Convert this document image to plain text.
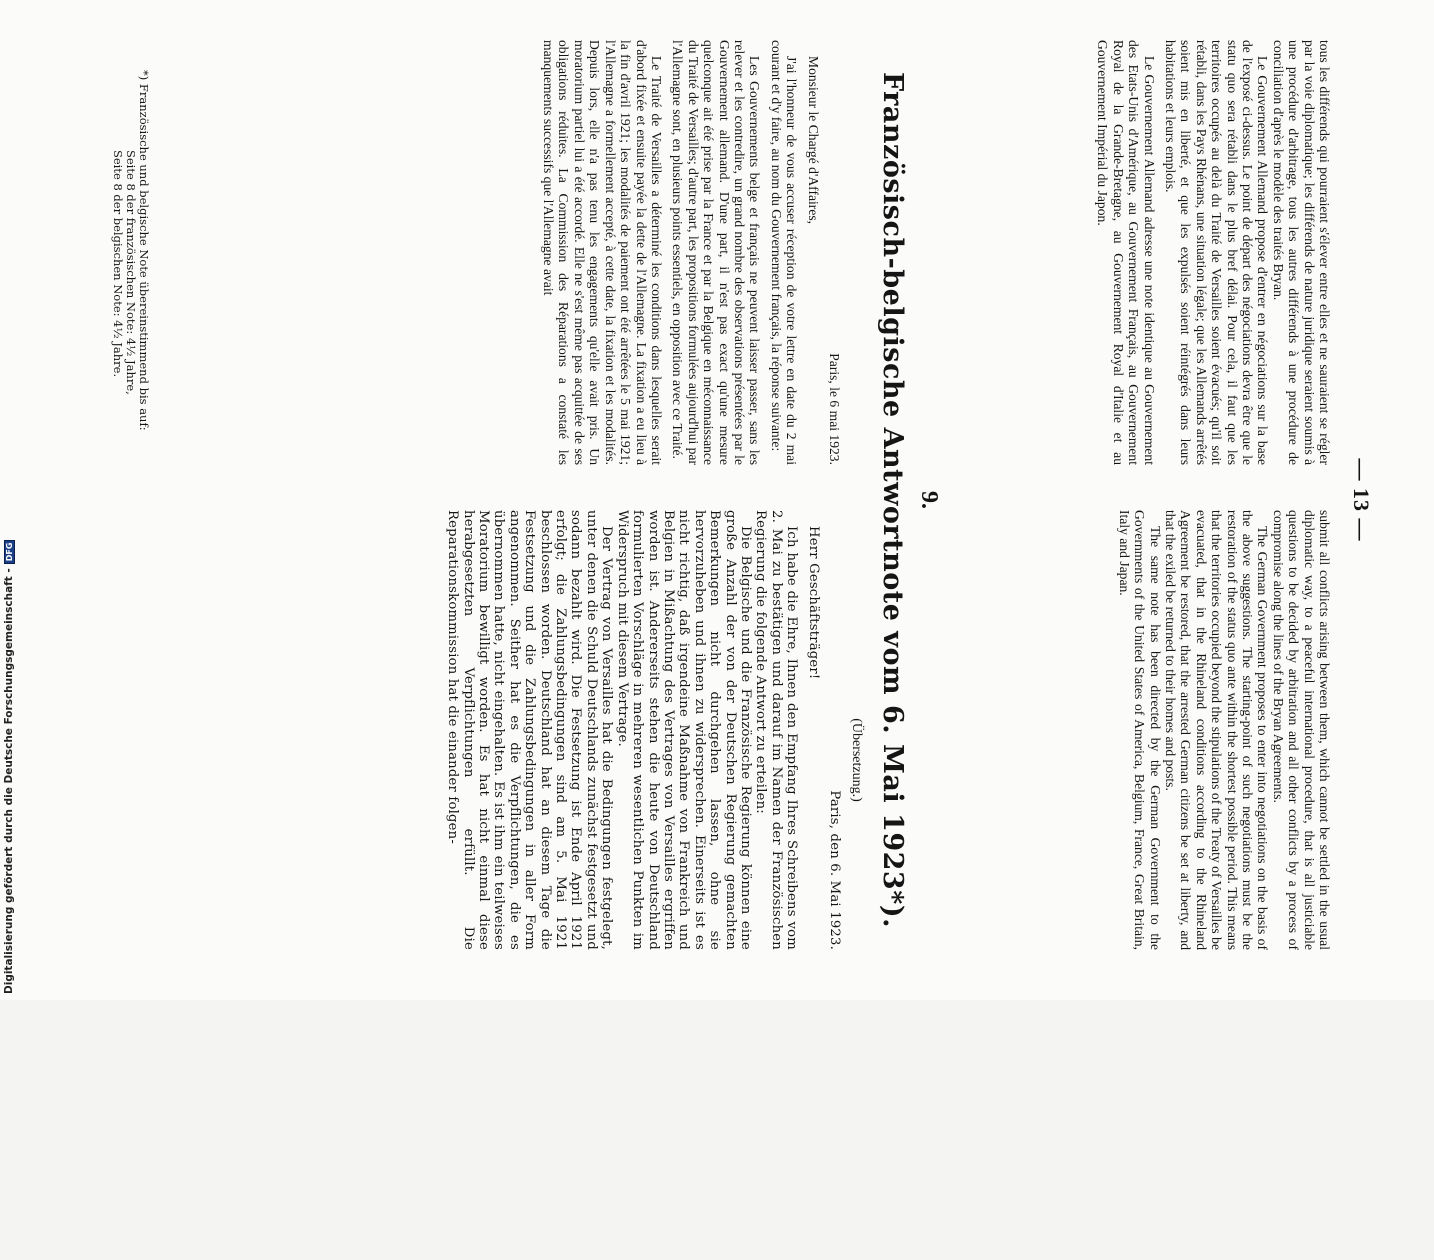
— 13 —

tous les différends qui pourraient s'élever entre elles et ne sauraient se régler par la voie diplomatique; les différends de nature juridique seraient soumis à une procédure d'arbitrage, tous les autres différends à une procédure de conciliation d'après le modèle des traités Bryan.

Le Gouvernement Allemand propose d'entrer en négociations sur la base de l'exposé ci-dessus. Le point de départ des négociations devra être que le statu quo sera rétabli dans le plus bref délai. Pour cela, il faut que les territoires occupés au delà du Traité de Versailles soient évacués; qu'il soit rétabli, dans les Pays Rhénans, une situation légale; que les Allemands arrêtés soient mis en liberté, et que les expulsés soient réintégrés dans leurs habitations et leurs emplois.

Le Gouvernement Allemand adresse une note identique au Gouvernement des Etats-Unis d'Amérique, au Gouvernement Français, au Gouvernement Royal de la Grande-Bretagne, au Gouvernement Royal d'Italie et au Gouvernement Impérial du Japon.

submit all conflicts arising between them, which cannot be settled in the usual diplomatic way, to a peaceful international procedure, that is all justiciable questions to be decided by arbitration and all other conflicts by a process of compromise along the lines of the Bryan Agreements.

The German Government proposes to enter into negotiations on the basis of the above suggestions. The starting-point of such negotiations must be the restoration of the status quo ante within the shortest possible period. This means that the territories occupied beyond the stipulations of the Treaty of Versailles be evacuated, that in the Rhineland conditions according to the Rhineland Agreement be restored, that the arrested German citizens be set at liberty, and that the exiled be returned to their homes and posts.

The same note has been directed by the German Government to the Governments of the United States of America, Belgium, France, Great Britain, Italy and Japan.

9.
Französisch-belgische Antwortnote vom 6. Mai 1923*).
(Übersetzung.)

Paris, le 6 mai 1923.

Monsieur le Chargé d'Affaires,

J'ai l'honneur de vous accuser réception de votre lettre en date du 2 mai courant et d'y faire, au nom du Gouvernement français, la réponse suivante:

Les Gouvernements belge et français ne peuvent laisser passer, sans les relever et les contredire, un grand nombre des observations présentées par le Gouvernement allemand. D'une part, il n'est pas exact qu'une mesure quelconque ait été prise par la France et par la Belgique en méconnaissance du Traité de Versailles; d'autre part, les propositions formulées aujourd'hui par l'Allemagne sont, en plusieurs points essentiels, en opposition avec ce Traité.

Le Traité de Versailles a déterminé les conditions dans lesquelles serait d'abord fixée et ensuite payée la dette de l'Allemagne. La fixation a eu lieu à la fin d'avril 1921; les modalités de paiement ont été arrêtées le 5 mai 1921; l'Allemagne a formellement accepté, à cette date, la fixation et les modalités. Depuis lors, elle n'a pas tenu les engagements qu'elle avait pris. Un moratorium partiel lui a été accordé. Elle ne s'est même pas acquittée de ses obligations réduites. La Commission des Réparations a constaté les manquements successifs que l'Allemagne avait

Paris, den 6. Mai 1923.

Herr Geschäftsträger!

Ich habe die Ehre, Ihnen den Empfang Ihres Schreibens vom 2. Mai zu bestätigen und darauf im Namen der Französischen Regierung die folgende Antwort zu erteilen:

Die Belgische und die Französische Regierung können eine große Anzahl der von der Deutschen Regierung gemachten Bemerkungen nicht durchgehen lassen, ohne sie hervorzuheben und ihnen zu widersprechen. Einerseits ist es nicht richtig, daß irgendeine Maßnahme von Frankreich und Belgien in Mißachtung des Vertrages von Versailles ergriffen worden ist. Andererseits stehen die heute von Deutschland formulierten Vorschläge in mehreren wesentlichen Punkten im Widerspruch mit diesem Vertrage.

Der Vertrag von Versailles hat die Bedingungen festgelegt, unter denen die Schuld Deutschlands zunächst festgesetzt und sodann bezahlt wird. Die Festsetzung ist Ende April 1921 erfolgt; die Zahlungsbedingungen sind am 5. Mai 1921 beschlossen worden. Deutschland hat an diesem Tage die Festsetzung und die Zahlungsbedingungen in aller Form angenommen. Seither hat es die Verpflichtungen, die es übernommen hatte, nicht eingehalten. Es ist ihm ein teilweises Moratorium bewilligt worden. Es hat nicht einmal diese herabgesetzten Verpflichtungen erfüllt. Die Reparationskommission hat die einander folgen-

*) Französische und belgische Note übereinstimmend bis auf:
Seite 8 der französischen Note: 4½ Jahre,
Seite 8 der belgischen Note: 4½ Jahre.
Digitalisierung gefördert durch die Deutsche Forschungsgemeinschaft -
DFG
